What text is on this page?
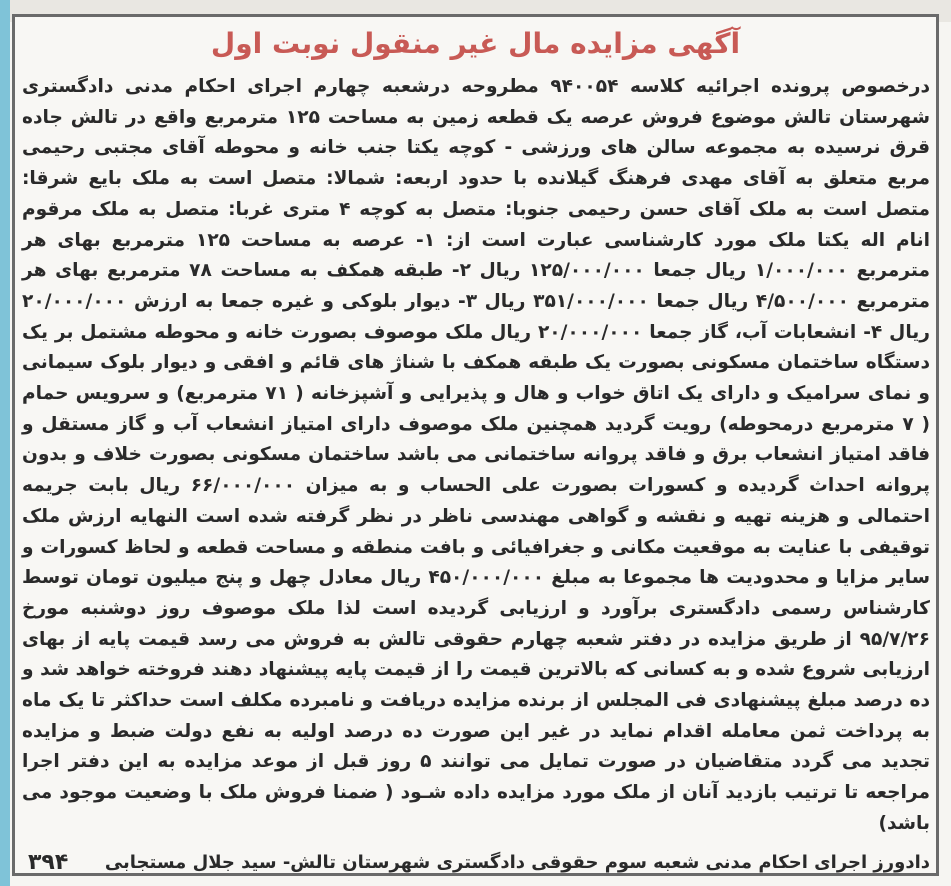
آگهی مزایده مال غیر منقول نوبت اول

درخصوص پرونده اجرائیه کلاسه ۹۴۰۰۵۴ مطروحه درشعبه چهارم اجرای احکام مدنی دادگستری شهرستان تالش موضوع فروش عرصه یک قطعه زمین به مساحت ۱۲۵ مترمربع واقع در تالش جاده قرق نرسیده به مجموعه سالن های ورزشی - کوچه یکتا جنب خانه و محوطه آقای مجتبی رحیمی مربع متعلق به آقای مهدی فرهنگ گیلانده با حدود اربعه: شمالا: متصل است به ملک بایع شرقا: متصل است به ملک آقای حسن رحیمی جنوبا: متصل به کوچه ۴ متری غربا: متصل به ملک مرقوم انام اله یکتا ملک مورد کارشناسی عبارت است از: ۱- عرصه به مساحت ۱۲۵ مترمربع بهای هر مترمربع ۱/۰۰۰/۰۰۰ ریال جمعا ۱۲۵/۰۰۰/۰۰۰ ریال ۲- طبقه همکف به مساحت ۷۸ مترمربع بهای هر مترمربع ۴/۵۰۰/۰۰۰ ریال جمعا ۳۵۱/۰۰۰/۰۰۰ ریال ۳- دیوار بلوکی و غیره جمعا به ارزش ۲۰/۰۰۰/۰۰۰ ریال ۴- انشعابات آب، گاز جمعا ۲۰/۰۰۰/۰۰۰ ریال ملک موصوف بصورت خانه و محوطه مشتمل بر یک دستگاه ساختمان مسکونی بصورت یک طبقه همکف با شناژ های قائم و افقی و دیوار بلوک سیمانی و نمای سرامیک و دارای یک اتاق خواب و هال و پذیرایی و آشپزخانه ( ۷۱ مترمربع) و سرویس حمام ( ۷ مترمربع درمحوطه) رویت گردید همچنین ملک موصوف دارای امتیاز انشعاب آب و گاز مستقل و فاقد امتیاز انشعاب برق و فاقد پروانه ساختمانی می باشد ساختمان مسکونی بصورت خلاف و بدون پروانه احداث گردیده و کسورات بصورت علی الحساب و به میزان ۶۶/۰۰۰/۰۰۰ ریال بابت جریمه احتمالی و هزینه تهیه و نقشه و گواهی مهندسی ناظر در نظر گرفته شده است النهایه ارزش ملک توقیفی با عنایت به موقعیت مکانی و جغرافیائی و بافت منطقه و مساحت قطعه و لحاظ کسورات و سایر مزایا و محدودیت ها مجموعا به مبلغ ۴۵۰/۰۰۰/۰۰۰ ریال معادل چهل و پنج میلیون تومان توسط کارشناس رسمی دادگستری برآورد و ارزیابی گردیده است لذا ملک موصوف روز دوشنبه مورخ ۹۵/۷/۲۶ از طریق مزایده در دفتر شعبه چهارم حقوقی تالش به فروش می رسد قیمت پایه از بهای ارزیابی شروع شده و به کسانی که بالاترین قیمت را از قیمت پایه پیشنهاد دهند فروخته خواهد شد و ده درصد مبلغ پیشنهادی فی المجلس از برنده مزایده دریافت و نامبرده مکلف است حداکثر تا یک ماه به پرداخت ثمن معامله اقدام نماید در غیر این صورت ده درصد اولیه به نفع دولت ضبط و مزایده تجدید می گردد متقاضیان در صورت تمایل می توانند ۵ روز قبل از موعد مزایده به این دفتر اجرا مراجعه تا ترتیب بازدید آنان از ملک مورد مزایده داده شـود ( ضمنا فروش ملک با وضعیت موجود می باشد)

دادورز اجرای احکام مدنی شعبه سوم حقوقی دادگستری شهرستان تالش- سید جلال مستجابی
۳۹۴
